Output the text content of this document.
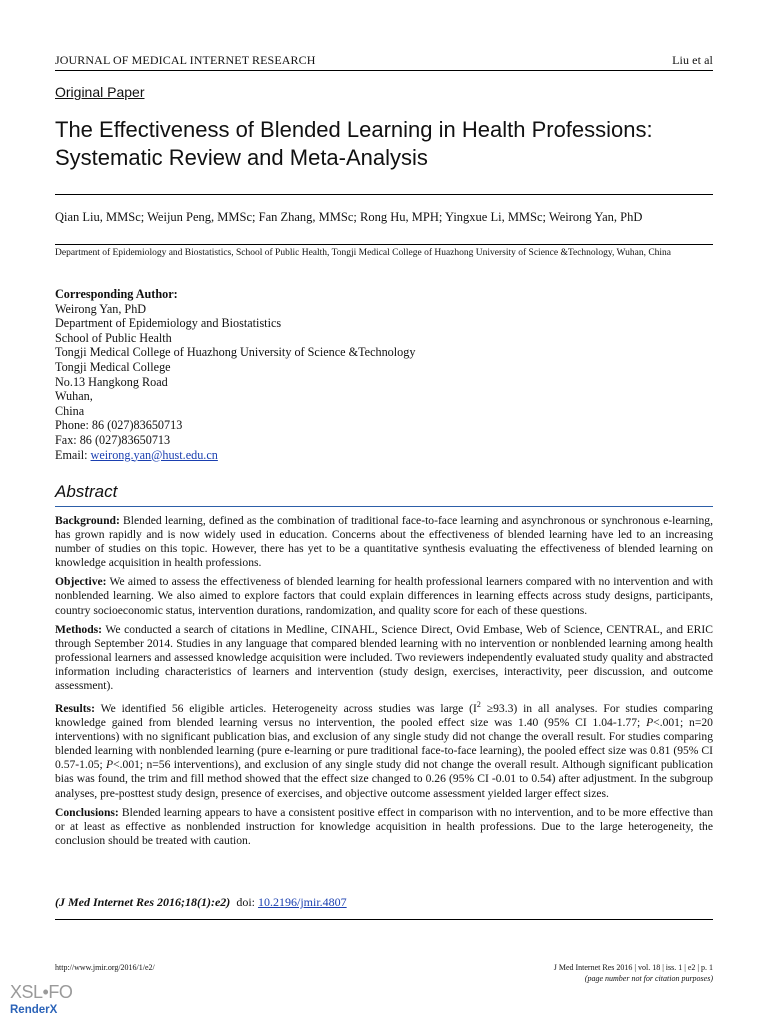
JOURNAL OF MEDICAL INTERNET RESEARCH	Liu et al
Original Paper
The Effectiveness of Blended Learning in Health Professions:
Systematic Review and Meta-Analysis
Qian Liu, MMSc; Weijun Peng, MMSc; Fan Zhang, MMSc; Rong Hu, MPH; Yingxue Li, MMSc; Weirong Yan, PhD
Department of Epidemiology and Biostatistics, School of Public Health, Tongji Medical College of Huazhong University of Science &Technology, Wuhan, China
Corresponding Author:
Weirong Yan, PhD
Department of Epidemiology and Biostatistics
School of Public Health
Tongji Medical College of Huazhong University of Science &Technology
Tongji Medical College
No.13 Hangkong Road
Wuhan,
China
Phone: 86 (027)83650713
Fax: 86 (027)83650713
Email: weirong.yan@hust.edu.cn
Abstract

Background: Blended learning, defined as the combination of traditional face-to-face learning and asynchronous or synchronous e-learning, has grown rapidly and is now widely used in education. Concerns about the effectiveness of blended learning have led to an increasing number of studies on this topic. However, there has yet to be a quantitative synthesis evaluating the effectiveness of blended learning on knowledge acquisition in health professions.

Objective: We aimed to assess the effectiveness of blended learning for health professional learners compared with no intervention and with nonblended learning. We also aimed to explore factors that could explain differences in learning effects across study designs, participants, country socioeconomic status, intervention durations, randomization, and quality score for each of these questions.

Methods: We conducted a search of citations in Medline, CINAHL, Science Direct, Ovid Embase, Web of Science, CENTRAL, and ERIC through September 2014. Studies in any language that compared blended learning with no intervention or nonblended learning among health professional learners and assessed knowledge acquisition were included. Two reviewers independently evaluated study quality and abstracted information including characteristics of learners and intervention (study design, exercises, interactivity, peer discussion, and outcome assessment).

Results: We identified 56 eligible articles. Heterogeneity across studies was large $(I^2 \ge 93.3)$ in all analyses. For studies comparing knowledge gained from blended learning versus no intervention, the pooled effect size was 1.40 (95% CI 1.04-1.77; P<.001; n=20 interventions) with no significant publication bias, and exclusion of any single study did not change the overall result. For studies comparing blended learning with nonblended learning (pure e-learning or pure traditional face-to-face learning), the pooled effect size was 0.81 (95% CI 0.57-1.05; P<.001; n=56 interventions), and exclusion of any single study did not change the overall result. Although significant publication bias was found, the trim and fill method showed that the effect size changed to 0.26 (95% CI -0.01 to 0.54) after adjustment. In the subgroup analyses, pre-posttest study design, presence of exercises, and objective outcome assessment yielded larger effect sizes.

Conclusions: Blended learning appears to have a consistent positive effect in comparison with no intervention, and to be more effective than or at least as effective as nonblended instruction for knowledge acquisition in health professions. Due to the large heterogeneity, the conclusion should be treated with caution.

(J Med Internet Res 2016;18(1):e2) doi: 10.2196/jmir.4807
http://www.jmir.org/2016/1/e2/	J Med Internet Res 2016 | vol. 18 | iss. 1 | e2 | p. 1
(page number not for citation purposes)
XSL•FO
RenderX
